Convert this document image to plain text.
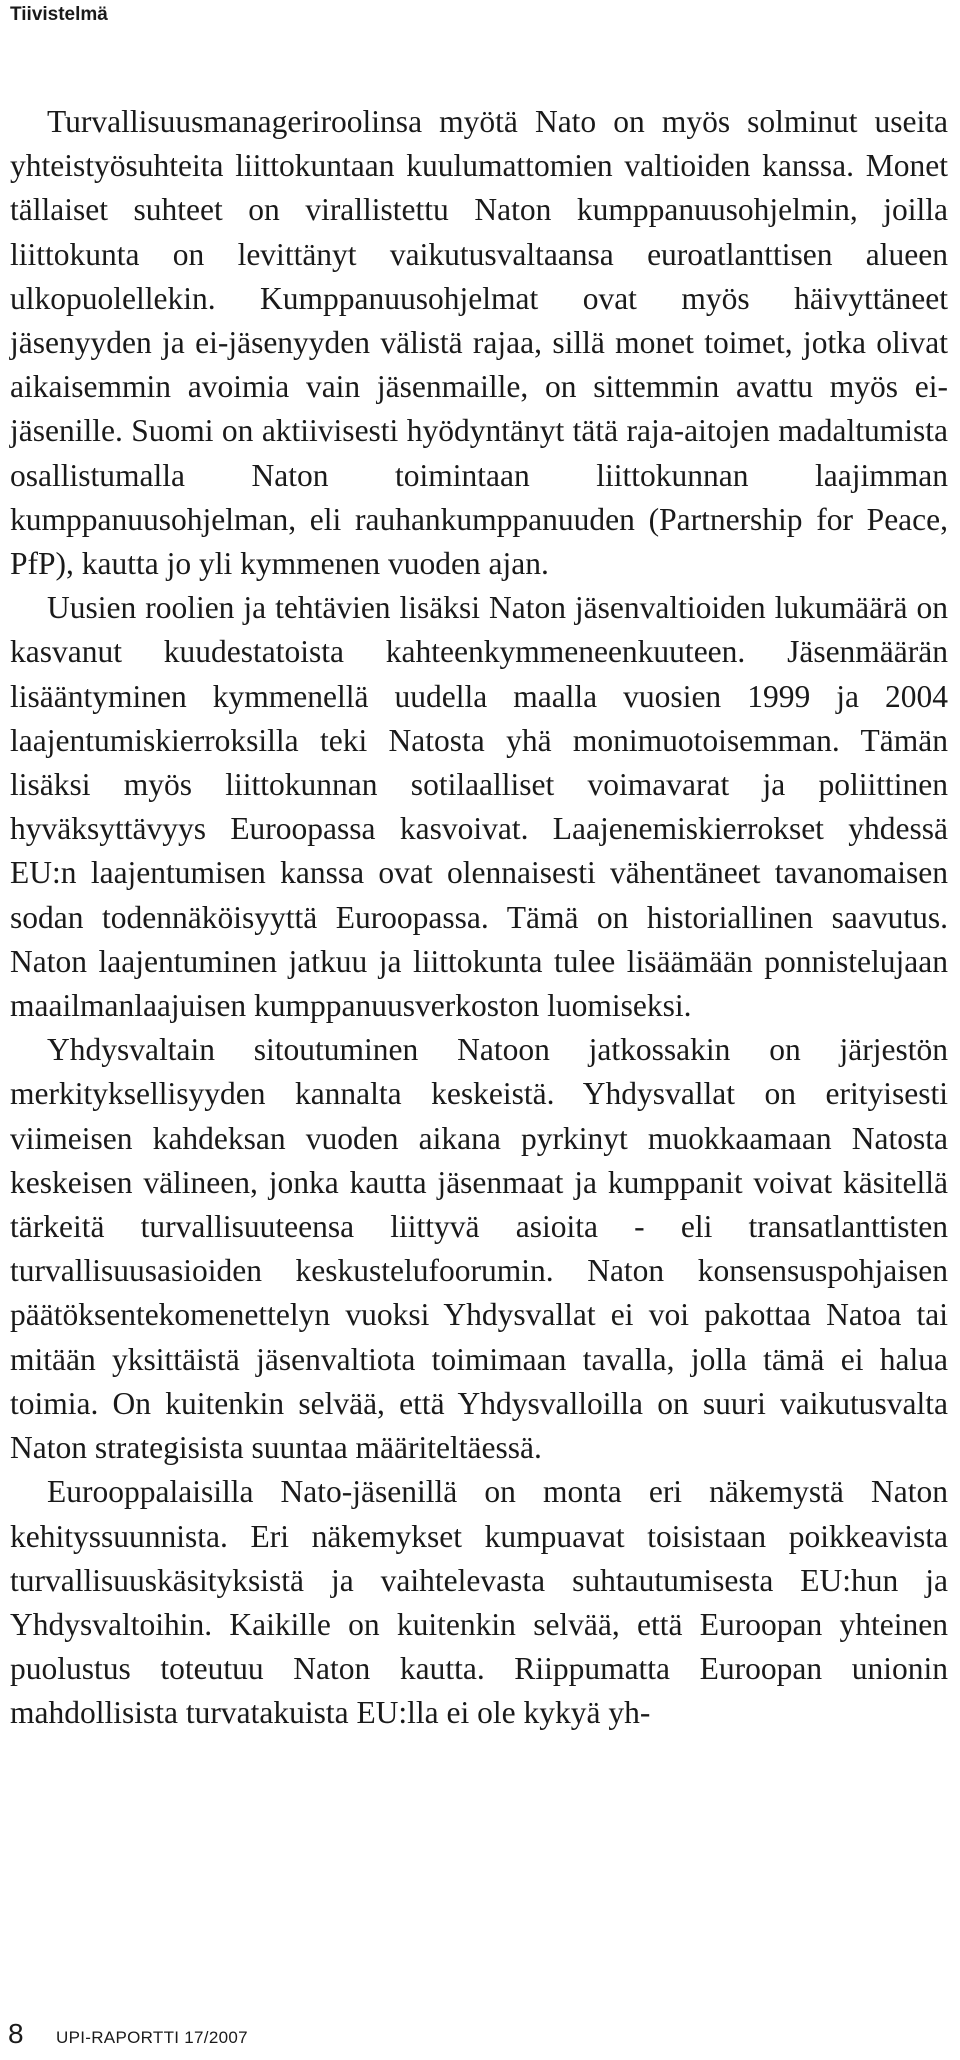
Tiivistelmä

Turvallisuusmanageriroolinsa myötä Nato on myös solminut useita yhteistyösuhteita liittokuntaan kuulumattomien valtioiden kanssa. Monet tällaiset suhteet on virallistettu Naton kumppanuusohjelmin, joilla liittokunta on levittänyt vaikutusvaltaansa euroatlanttisen alueen ulkopuolellekin. Kumppanuusohjelmat ovat myös häivyttäneet jäsenyyden ja ei-jäsenyyden välistä rajaa, sillä monet toimet, jotka olivat aikaisemmin avoimia vain jäsenmaille, on sittemmin avattu myös ei-jäsenille. Suomi on aktiivisesti hyödyntänyt tätä raja-aitojen madaltumista osallistumalla Naton toimintaan liittokunnan laajimman kumppanuusohjelman, eli rauhankumppanuuden (Partnership for Peace, PfP), kautta jo yli kymmenen vuoden ajan.

Uusien roolien ja tehtävien lisäksi Naton jäsenvaltioiden lukumäärä on kasvanut kuudestatoista kahteenkymmeneenkuuteen. Jäsenmäärän lisääntyminen kymmenellä uudella maalla vuosien 1999 ja 2004 laajentumiskierroksilla teki Natosta yhä monimuotoisemman. Tämän lisäksi myös liittokunnan sotilaalliset voimavarat ja poliittinen hyväksyttävyys Euroopassa kasvoivat. Laajenemiskierrokset yhdessä EU:n laajentumisen kanssa ovat olennaisesti vähentäneet tavanomaisen sodan todennäköisyyttä Euroopassa. Tämä on historiallinen saavutus. Naton laajentuminen jatkuu ja liittokunta tulee lisäämään ponnistelujaan maailmanlaajuisen kumppanuusverkoston luomiseksi.

Yhdysvaltain sitoutuminen Natoon jatkossakin on järjestön merkityksellisyyden kannalta keskeistä. Yhdysvallat on erityisesti viimeisen kahdeksan vuoden aikana pyrkinyt muokkaamaan Natosta keskeisen välineen, jonka kautta jäsenmaat ja kumppanit voivat käsitellä tärkeitä turvallisuuteensa liittyvä asioita - eli transatlanttisten turvallisuusasioiden keskustelufoorumin. Naton konsensuspohjaisen päätöksentekomenettelyn vuoksi Yhdysvallat ei voi pakottaa Natoa tai mitään yksittäistä jäsenvaltiota toimimaan tavalla, jolla tämä ei halua toimia. On kuitenkin selvää, että Yhdysvalloilla on suuri vaikutusvalta Naton strategisista suuntaa määriteltäessä.

Eurooppalaisilla Nato-jäsenillä on monta eri näkemystä Naton kehityssuunnista. Eri näkemykset kumpuavat toisistaan poikkeavista turvallisuuskäsityksistä ja vaihtelevasta suhtautumisesta EU:hun ja Yhdysvaltoihin. Kaikille on kuitenkin selvää, että Euroopan yhteinen puolustus toteutuu Naton kautta. Riippumatta Euroopan unionin mahdollisista turvatakuista EU:lla ei ole kykyä yh-

8 UPI-RAPORTTI 17/2007
